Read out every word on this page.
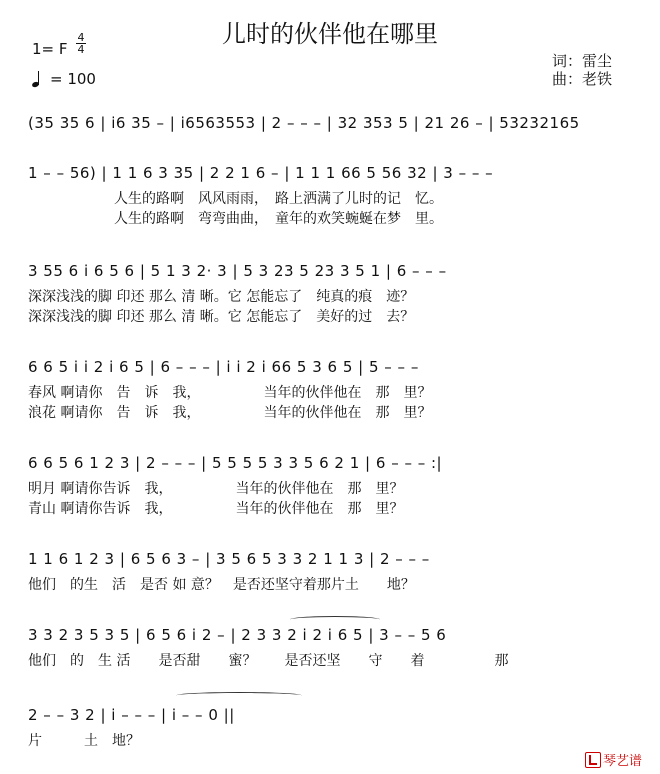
儿时的伙伴他在哪里
1= F
4
4
= 100
词：雷尘
曲：老铁
(35 35 6 | i6 35 – | i6563553 | 2 – – – | 32 353 5 | 21 26 – | 53232165
1 – – 56) | 1 1 6 3 35 | 2 2 1 6 – | 1 1 1 66 5 56 32 | 3 – – –
人生的路啊　风风雨雨，　路上洒满了儿时的记　忆。
人生的路啊　弯弯曲曲，　童年的欢笑蜿蜒在梦　里。
3 55 6 i 6 5 6 | 5 1 3 2· 3 | 5 3 23 5 23 3 5 1 | 6 – – –
深深浅浅的脚 印还 那么 清 晰。它 怎能忘了　纯真的痕　迹？
深深浅浅的脚 印还 那么 清 晰。它 怎能忘了　美好的过　去？
6 6 5 i i 2 i 6 5 | 6 – – – | i i 2 i 66 5 3 6 5 | 5 – – –
春风 啊请你　告　诉　我，　　　　　当年的伙伴他在　那　里？
浪花 啊请你　告　诉　我，　　　　　当年的伙伴他在　那　里？
6 6 5 6 1 2 3 | 2 – – – | 5 5 5 5 3 3 5 6 2 1 | 6 – – – :|
明月 啊请你告诉　我，　　　　　当年的伙伴他在　那　里？
青山 啊请你告诉　我，　　　　　当年的伙伴他在　那　里？
1 1 6 1 2 3 | 6 5 6 3 – | 3 5 6 5 3 3 2 1 1 3 | 2 – – –
他们　的生　活　是否 如 意？　是否还坚守着那片土　　地？
3 3 2 3 5 3 5 | 6 5 6 i 2 – | 2 3 3 2 i 2 i 6 5 | 3 – – 5 6
他们　的　生 活　　是否甜　　蜜？　　是否还坚　　守　　着　　　　　那
2 – – 3 2 | i – – – | i – – 0 ||
片　　　土　地？
琴艺谱
